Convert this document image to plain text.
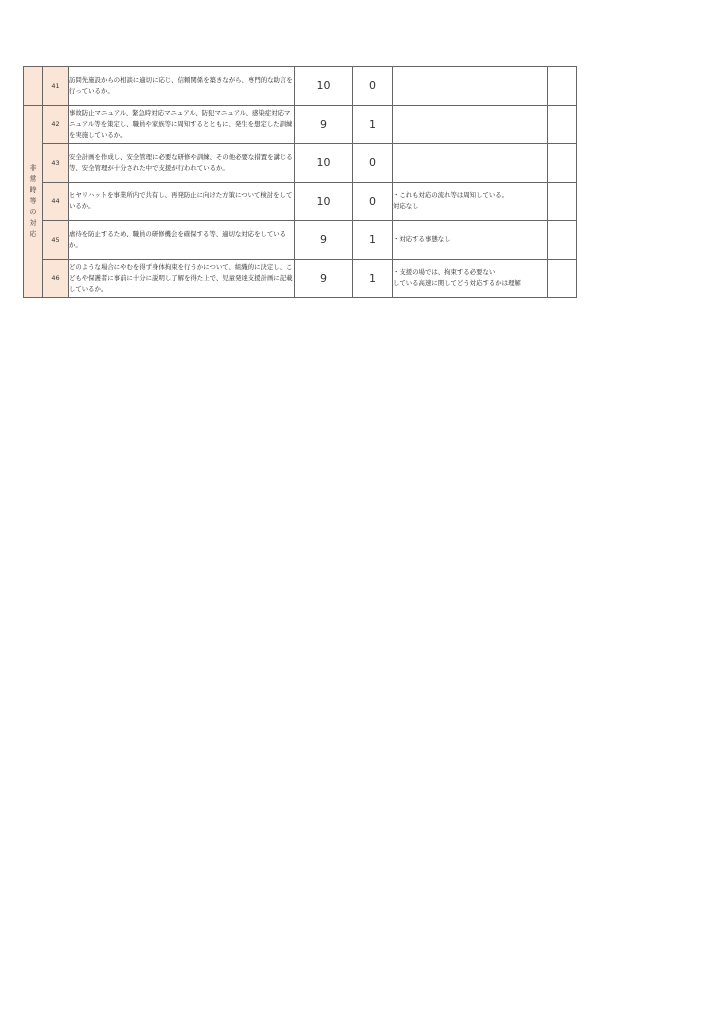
	41	訪問先施設からの相談に適切に応じ、信頼関係を築きながら、専門的な助言を行っているか。	10	0		
非常時等の対応	42	事故防止マニュアル、緊急時対応マニュアル、防犯マニュアル、感染症対応マニュアル等を策定し、職員や家族等に周知するとともに、発生を想定した訓練を実施しているか。	9	1		
	43	安全計画を作成し、安全管理に必要な研修や訓練、その他必要な措置を講じる等、安全管理が十分された中で支援が行われているか。	10	0		
	44	ヒヤリハットを事業所内で共有し、再発防止に向けた方策について検討をしているか。	10	0	・これも対応の流れ等は周知している。
対応なし	

	45	虐待を防止するため、職員の研修機会を確保する等、適切な対応をしているか。	9	1	・対応する事態なし	

	46	どのような場合にやむを得ず身体拘束を行うかについて、組織的に決定し、こどもや保護者に事前に十分に説明し了解を得た上で、児童発達支援計画に記載しているか。	9	1	・支援の場では、拘束する必要ない
している高速に関してどう対応するかは理解	
